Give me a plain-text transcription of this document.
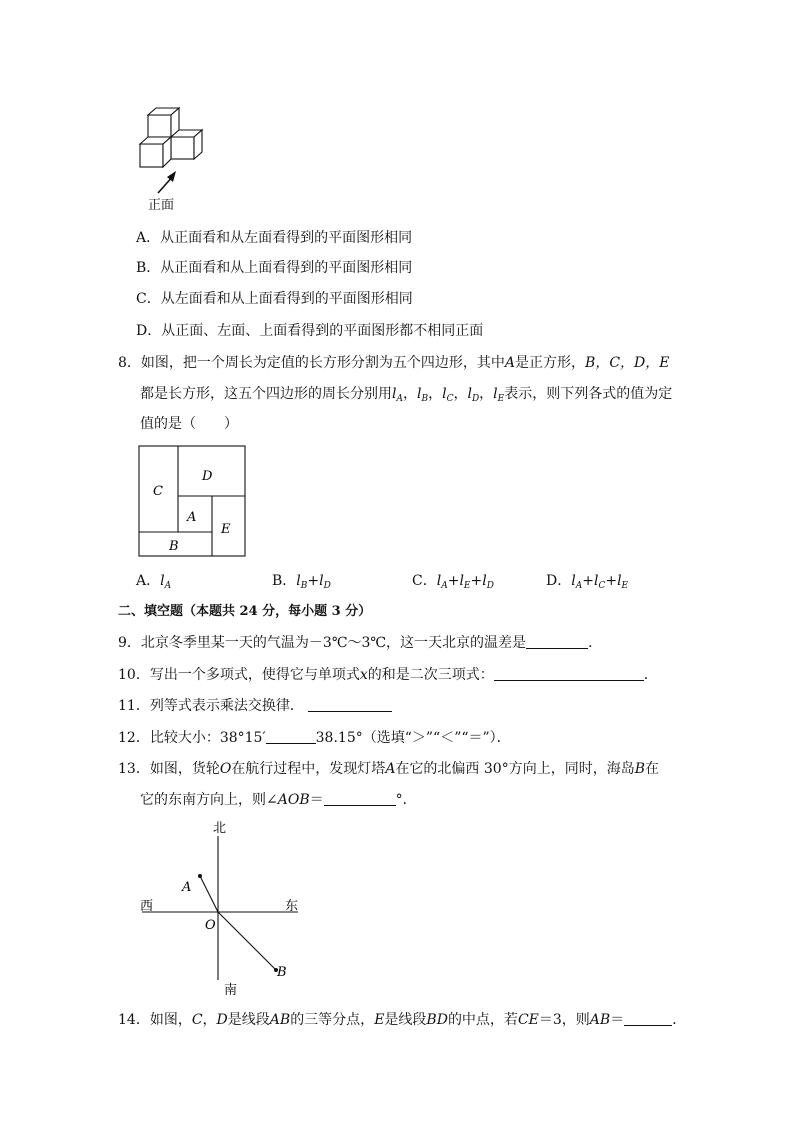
正面
A．从正面看和从左面看得到的平面图形相同
B．从正面看和从上面看得到的平面图形相同
C．从左面看和从上面看得到的平面图形相同
D．从正面、左面、上面看得到的平面图形都不相同正面
8．如图，把一个周长为定值的长方形分割为五个四边形，其中A是正方形，B，C，D，E
都是长方形，这五个四边形的周长分别用$l_A$，$l_B$，$l_C$，$l_D$，$l_E$表示，则下列各式的值为定
值的是（　　）
C
D
A
E
B
A．$l_A$	B．$l_B+l_D$	C．$l_A+l_E+l_D$	D．$l_A+l_C+l_E$
二、填空题（本题共 24 分，每小题 3 分）
9．北京冬季里某一天的气温为－3℃～3℃，这一天北京的温差是	．
10．写出一个多项式，使得它与单项式x的和是二次三项式：	．
11．列等式表示乘法交换律．
12．比较大小：38°15′	38.15°（选填“＞”“＜”“＝”）．
13．如图，货轮O在航行过程中，发现灯塔A在它的北偏西 30°方向上，同时，海岛B在
它的东南方向上，则∠AOB＝	°．
北
南
西	东
A
B
O
14．如图，C，D是线段AB的三等分点，E是线段BD的中点，若CE＝3，则AB＝	．
